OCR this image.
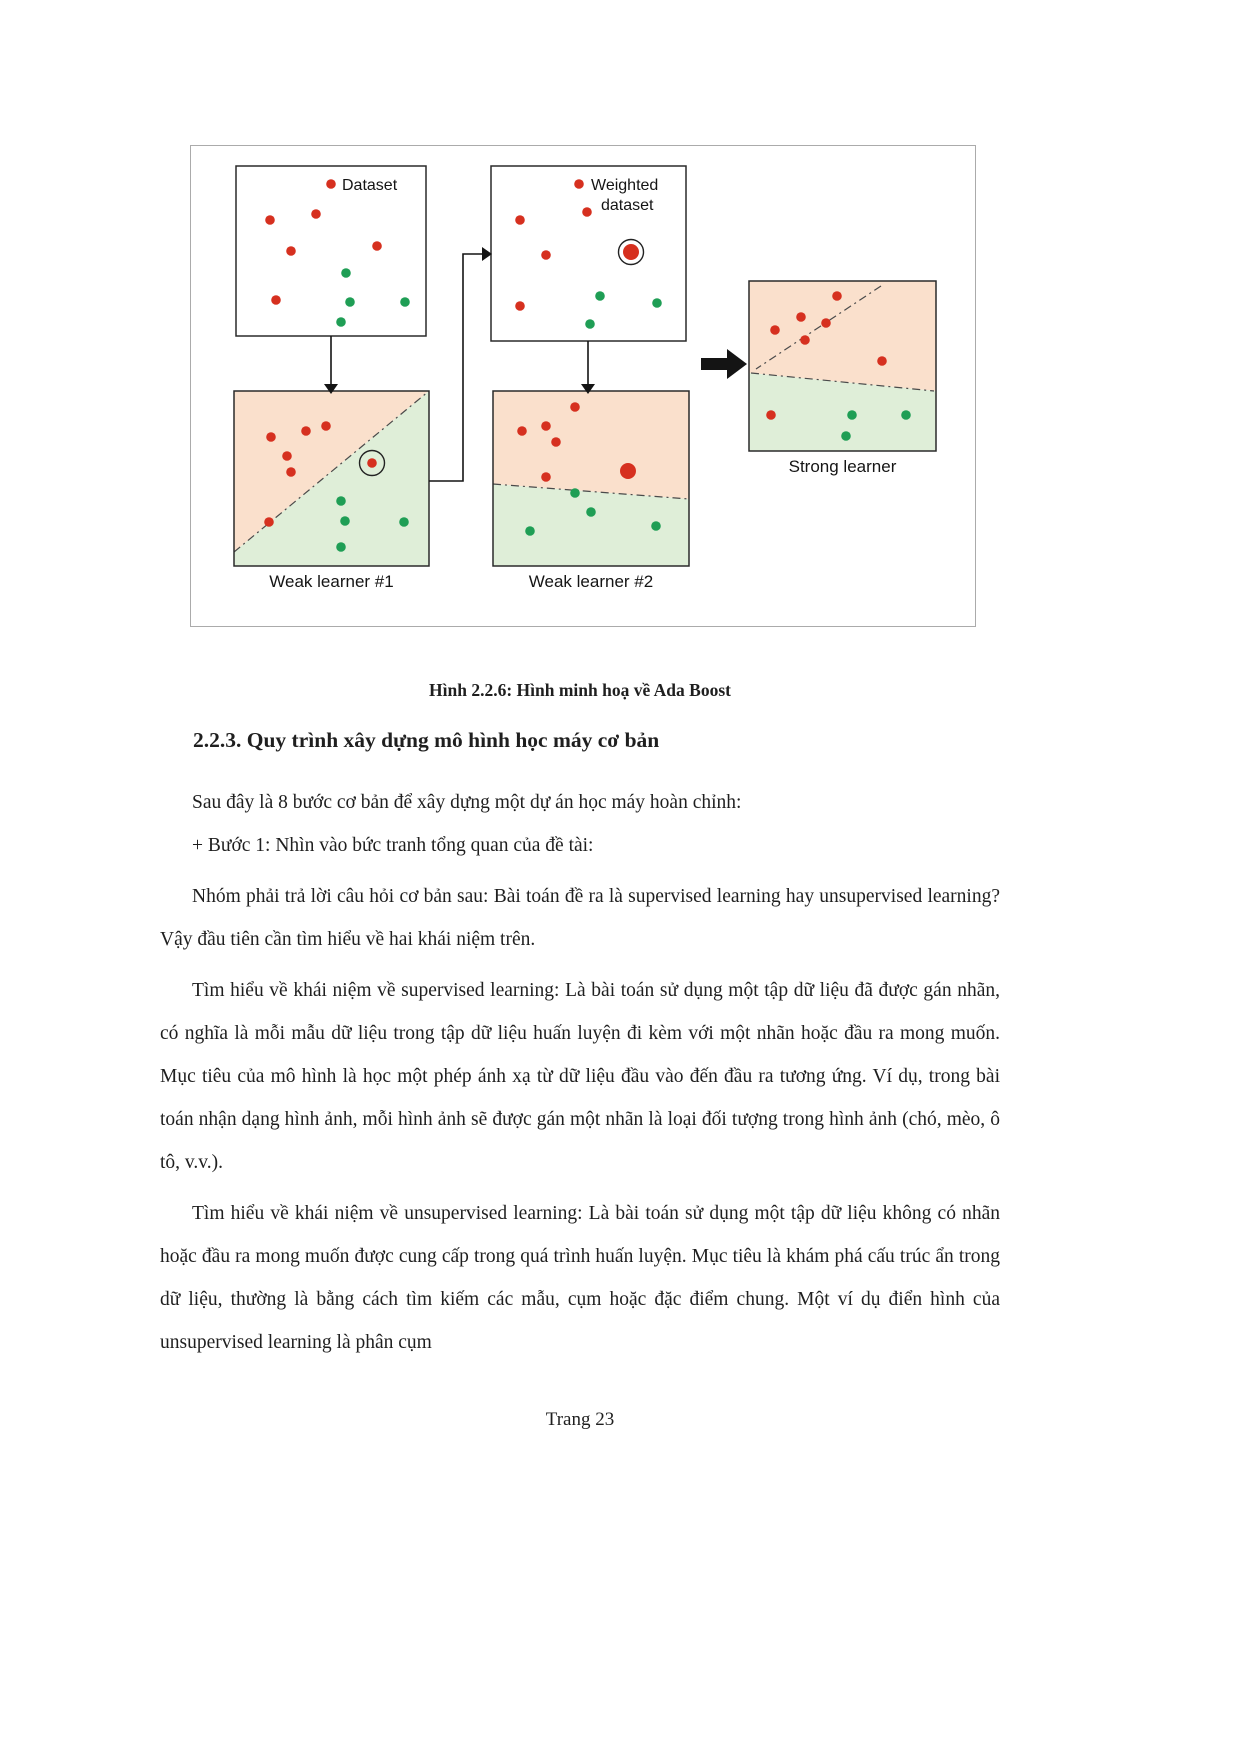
Dataset	Weighted
dataset
Weak learner #1	Weak learner #2
Strong learner

Hình 2.2.6: Hình minh hoạ về Ada Boost

2.2.3. Quy trình xây dựng mô hình học máy cơ bản

Sau đây là 8 bước cơ bản để xây dựng một dự án học máy hoàn chỉnh:

+ Bước 1: Nhìn vào bức tranh tổng quan của đề tài:

Nhóm phải trả lời câu hỏi cơ bản sau: Bài toán đề ra là supervised learning hay unsupervised learning? Vậy đầu tiên cần tìm hiểu về hai khái niệm trên.

Tìm hiểu về khái niệm về supervised learning: Là bài toán sử dụng một tập dữ liệu đã được gán nhãn, có nghĩa là mỗi mẫu dữ liệu trong tập dữ liệu huấn luyện đi kèm với một nhãn hoặc đầu ra mong muốn. Mục tiêu của mô hình là học một phép ánh xạ từ dữ liệu đầu vào đến đầu ra tương ứng. Ví dụ, trong bài toán nhận dạng hình ảnh, mỗi hình ảnh sẽ được gán một nhãn là loại đối tượng trong hình ảnh (chó, mèo, ô tô, v.v.).

Tìm hiểu về khái niệm về unsupervised learning: Là bài toán sử dụng một tập dữ liệu không có nhãn hoặc đầu ra mong muốn được cung cấp trong quá trình huấn luyện. Mục tiêu là khám phá cấu trúc ẩn trong dữ liệu, thường là bằng cách tìm kiếm các mẫu, cụm hoặc đặc điểm chung. Một ví dụ điển hình của unsupervised learning là phân cụm

Trang 23
